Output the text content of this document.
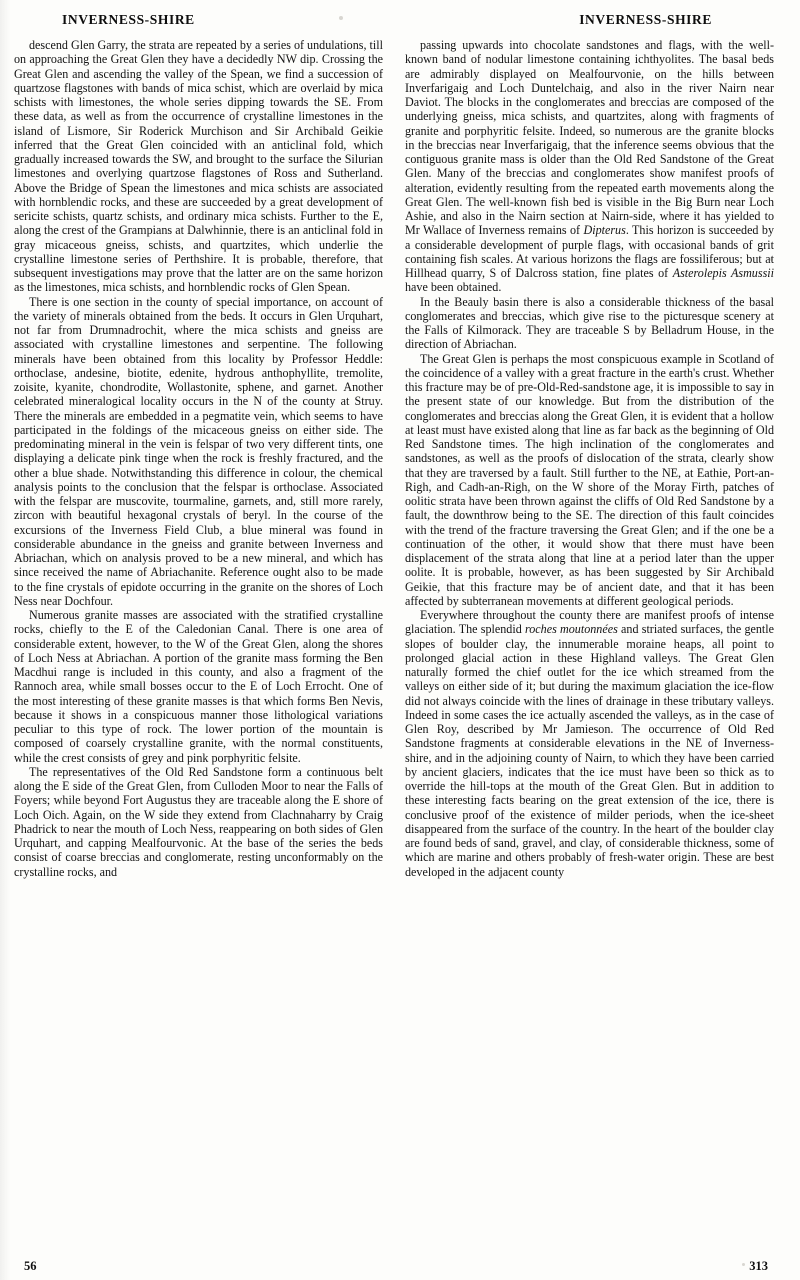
INVERNESS-SHIRE	INVERNESS-SHIRE

descend Glen Garry, the strata are repeated by a series of undulations, till on approaching the Great Glen they have a decidedly NW dip. Crossing the Great Glen and ascending the valley of the Spean, we find a succession of quartzose flagstones with bands of mica schist, which are overlaid by mica schists with limestones, the whole series dipping towards the SE. From these data, as well as from the occurrence of crystalline limestones in the island of Lismore, Sir Roderick Murchison and Sir Archibald Geikie inferred that the Great Glen coincided with an anticlinal fold, which gradually increased towards the SW, and brought to the surface the Silurian limestones and overlying quartzose flagstones of Ross and Sutherland. Above the Bridge of Spean the limestones and mica schists are associated with hornblendic rocks, and these are succeeded by a great development of sericite schists, quartz schists, and ordinary mica schists. Further to the E, along the crest of the Grampians at Dalwhinnie, there is an anticlinal fold in gray micaceous gneiss, schists, and quartzites, which underlie the crystalline limestone series of Perthshire. It is probable, therefore, that subsequent investigations may prove that the latter are on the same horizon as the limestones, mica schists, and hornblendic rocks of Glen Spean.

There is one section in the county of special importance, on account of the variety of minerals obtained from the beds. It occurs in Glen Urquhart, not far from Drumnadrochit, where the mica schists and gneiss are associated with crystalline limestones and serpentine. The following minerals have been obtained from this locality by Professor Heddle: orthoclase, andesine, biotite, edenite, hydrous anthophyllite, tremolite, zoisite, kyanite, chondrodite, Wollastonite, sphene, and garnet. Another celebrated mineralogical locality occurs in the N of the county at Struy. There the minerals are embedded in a pegmatite vein, which seems to have participated in the foldings of the micaceous gneiss on either side. The predominating mineral in the vein is felspar of two very different tints, one displaying a delicate pink tinge when the rock is freshly fractured, and the other a blue shade. Notwithstanding this difference in colour, the chemical analysis points to the conclusion that the felspar is orthoclase. Associated with the felspar are muscovite, tourmaline, garnets, and, still more rarely, zircon with beautiful hexagonal crystals of beryl. In the course of the excursions of the Inverness Field Club, a blue mineral was found in considerable abundance in the gneiss and granite between Inverness and Abriachan, which on analysis proved to be a new mineral, and which has since received the name of Abriachanite. Reference ought also to be made to the fine crystals of epidote occurring in the granite on the shores of Loch Ness near Dochfour.

Numerous granite masses are associated with the stratified crystalline rocks, chiefly to the E of the Caledonian Canal. There is one area of considerable extent, however, to the W of the Great Glen, along the shores of Loch Ness at Abriachan. A portion of the granite mass forming the Ben Macdhui range is included in this county, and also a fragment of the Rannoch area, while small bosses occur to the E of Loch Errocht. One of the most interesting of these granite masses is that which forms Ben Nevis, because it shows in a conspicuous manner those lithological variations peculiar to this type of rock. The lower portion of the mountain is composed of coarsely crystalline granite, with the normal constituents, while the crest consists of grey and pink porphyritic felsite.

The representatives of the Old Red Sandstone form a continuous belt along the E side of the Great Glen, from Culloden Moor to near the Falls of Foyers; while beyond Fort Augustus they are traceable along the E shore of Loch Oich. Again, on the W side they extend from Clachnaharry by Craig Phadrick to near the mouth of Loch Ness, reappearing on both sides of Glen Urquhart, and capping Mealfourvonic. At the base of the series the beds consist of coarse breccias and conglomerate, resting unconformably on the crystalline rocks, and

passing upwards into chocolate sandstones and flags, with the well-known band of nodular limestone containing ichthyolites. The basal beds are admirably displayed on Mealfourvonie, on the hills between Inverfarigaig and Loch Duntelchaig, and also in the river Nairn near Daviot. The blocks in the conglomerates and breccias are composed of the underlying gneiss, mica schists, and quartzites, along with fragments of granite and porphyritic felsite. Indeed, so numerous are the granite blocks in the breccias near Inverfarigaig, that the inference seems obvious that the contiguous granite mass is older than the Old Red Sandstone of the Great Glen. Many of the breccias and conglomerates show manifest proofs of alteration, evidently resulting from the repeated earth movements along the Great Glen. The well-known fish bed is visible in the Big Burn near Loch Ashie, and also in the Nairn section at Nairn-side, where it has yielded to Mr Wallace of Inverness remains of Dipterus. This horizon is succeeded by a considerable development of purple flags, with occasional bands of grit containing fish scales. At various horizons the flags are fossiliferous; but at Hillhead quarry, S of Dalcross station, fine plates of Asterolepis Asmussii have been obtained.

In the Beauly basin there is also a considerable thickness of the basal conglomerates and breccias, which give rise to the picturesque scenery at the Falls of Kilmorack. They are traceable S by Belladrum House, in the direction of Abriachan.

The Great Glen is perhaps the most conspicuous example in Scotland of the coincidence of a valley with a great fracture in the earth's crust. Whether this fracture may be of pre-Old-Red-sandstone age, it is impossible to say in the present state of our knowledge. But from the distribution of the conglomerates and breccias along the Great Glen, it is evident that a hollow at least must have existed along that line as far back as the beginning of Old Red Sandstone times. The high inclination of the conglomerates and sandstones, as well as the proofs of dislocation of the strata, clearly show that they are traversed by a fault. Still further to the NE, at Eathie, Port-an-Righ, and Cadh-an-Righ, on the W shore of the Moray Firth, patches of oolitic strata have been thrown against the cliffs of Old Red Sandstone by a fault, the downthrow being to the SE. The direction of this fault coincides with the trend of the fracture traversing the Great Glen; and if the one be a continuation of the other, it would show that there must have been displacement of the strata along that line at a period later than the upper oolite. It is probable, however, as has been suggested by Sir Archibald Geikie, that this fracture may be of ancient date, and that it has been affected by subterranean movements at different geological periods.

Everywhere throughout the county there are manifest proofs of intense glaciation. The splendid roches moutonnées and striated surfaces, the gentle slopes of boulder clay, the innumerable moraine heaps, all point to prolonged glacial action in these Highland valleys. The Great Glen naturally formed the chief outlet for the ice which streamed from the valleys on either side of it; but during the maximum glaciation the ice-flow did not always coincide with the lines of drainage in these tributary valleys. Indeed in some cases the ice actually ascended the valleys, as in the case of Glen Roy, described by Mr Jamieson. The occurrence of Old Red Sandstone fragments at considerable elevations in the NE of Inverness-shire, and in the adjoining county of Nairn, to which they have been carried by ancient glaciers, indicates that the ice must have been so thick as to override the hill-tops at the mouth of the Great Glen. But in addition to these interesting facts bearing on the great extension of the ice, there is conclusive proof of the existence of milder periods, when the ice-sheet disappeared from the surface of the country. In the heart of the boulder clay are found beds of sand, gravel, and clay, of considerable thickness, some of which are marine and others probably of fresh-water origin. These are best developed in the adjacent county

56	313
